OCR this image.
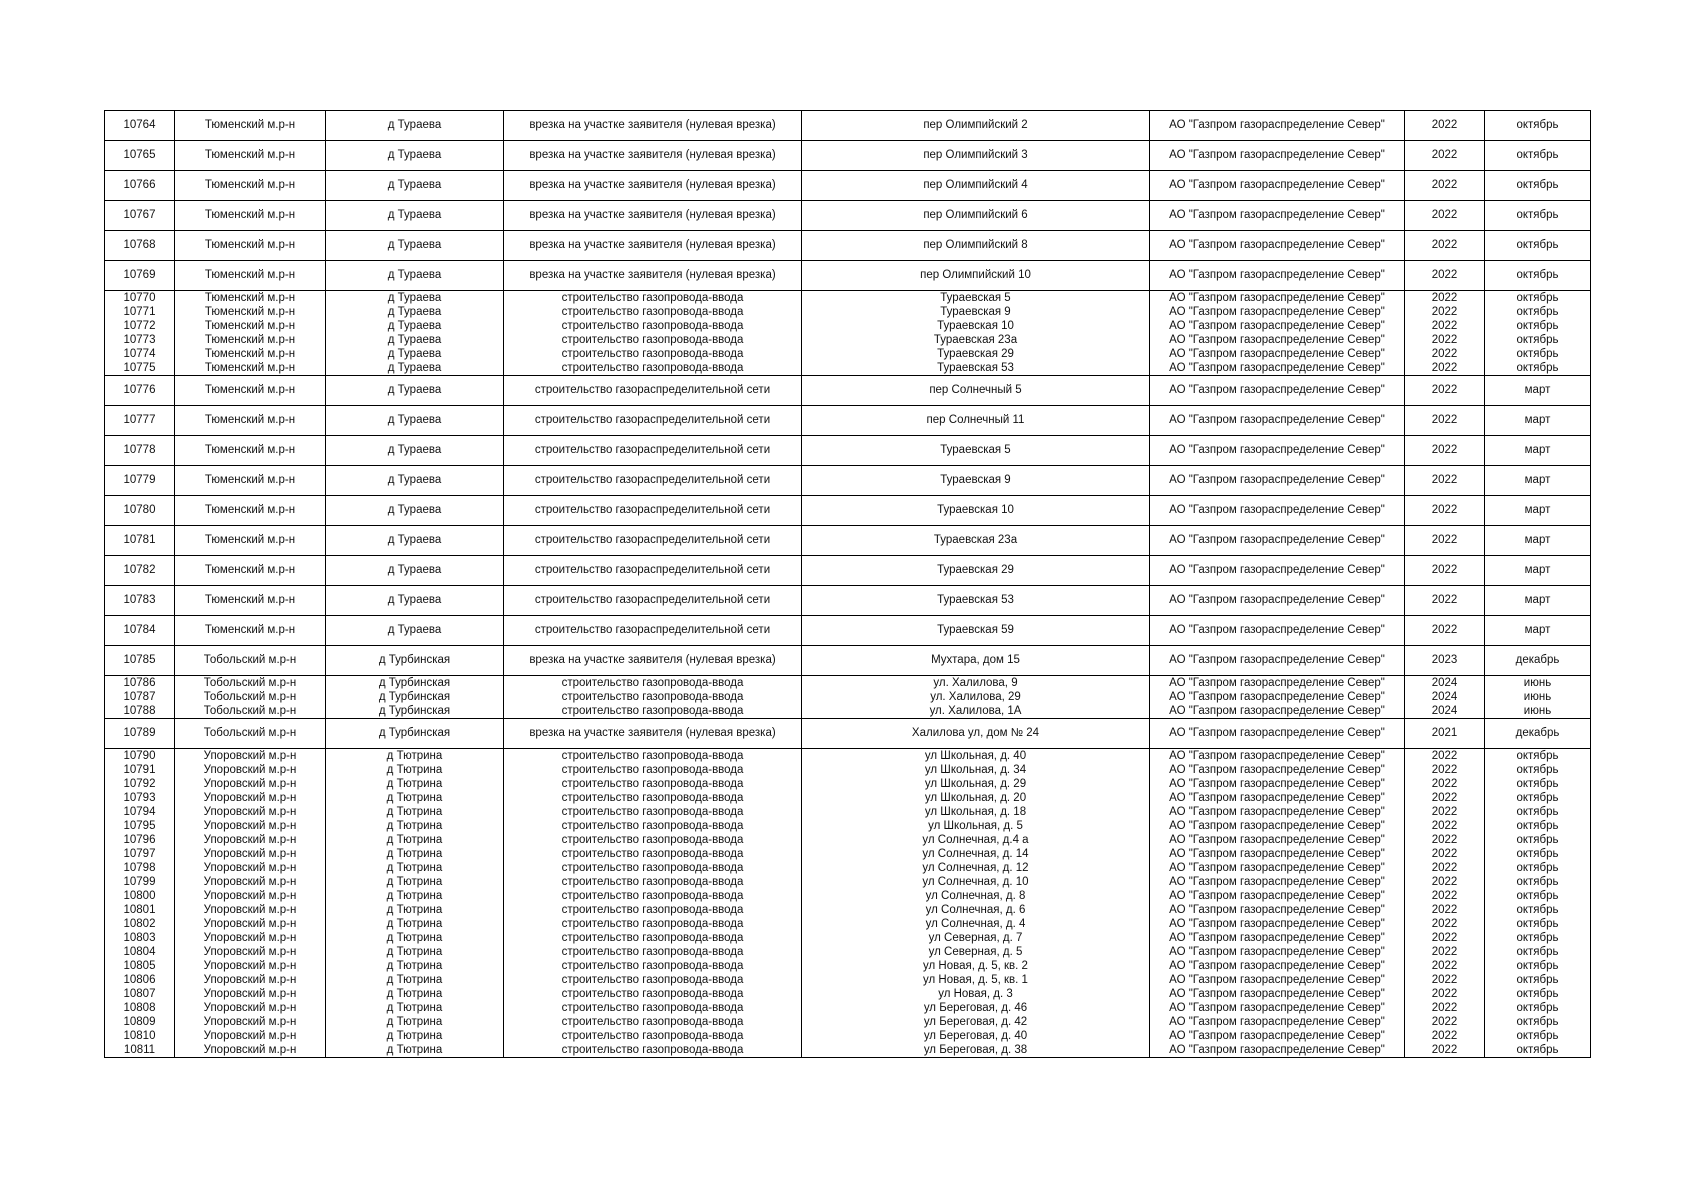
10764	Тюменский м.р-н	д Тураева	врезка на участке заявителя (нулевая врезка)	пер Олимпийский 2	АО "Газпром газораспределение Север"	2022	октябрь
10765	Тюменский м.р-н	д Тураева	врезка на участке заявителя (нулевая врезка)	пер Олимпийский 3	АО "Газпром газораспределение Север"	2022	октябрь
10766	Тюменский м.р-н	д Тураева	врезка на участке заявителя (нулевая врезка)	пер Олимпийский 4	АО "Газпром газораспределение Север"	2022	октябрь
10767	Тюменский м.р-н	д Тураева	врезка на участке заявителя (нулевая врезка)	пер Олимпийский 6	АО "Газпром газораспределение Север"	2022	октябрь
10768	Тюменский м.р-н	д Тураева	врезка на участке заявителя (нулевая врезка)	пер Олимпийский 8	АО "Газпром газораспределение Север"	2022	октябрь
10769	Тюменский м.р-н	д Тураева	врезка на участке заявителя (нулевая врезка)	пер Олимпийский 10	АО "Газпром газораспределение Север"	2022	октябрь
10770	Тюменский м.р-н	д Тураева	строительство газопровода-ввода	Тураевская 5	АО "Газпром газораспределение Север"	2022	октябрь
10771	Тюменский м.р-н	д Тураева	строительство газопровода-ввода	Тураевская 9	АО "Газпром газораспределение Север"	2022	октябрь
10772	Тюменский м.р-н	д Тураева	строительство газопровода-ввода	Тураевская 10	АО "Газпром газораспределение Север"	2022	октябрь
10773	Тюменский м.р-н	д Тураева	строительство газопровода-ввода	Тураевская 23а	АО "Газпром газораспределение Север"	2022	октябрь
10774	Тюменский м.р-н	д Тураева	строительство газопровода-ввода	Тураевская 29	АО "Газпром газораспределение Север"	2022	октябрь
10775	Тюменский м.р-н	д Тураева	строительство газопровода-ввода	Тураевская 53	АО "Газпром газораспределение Север"	2022	октябрь
10776	Тюменский м.р-н	д Тураева	строительство газораспределительной сети	пер Солнечный 5	АО "Газпром газораспределение Север"	2022	март
10777	Тюменский м.р-н	д Тураева	строительство газораспределительной сети	пер Солнечный 11	АО "Газпром газораспределение Север"	2022	март
10778	Тюменский м.р-н	д Тураева	строительство газораспределительной сети	Тураевская 5	АО "Газпром газораспределение Север"	2022	март
10779	Тюменский м.р-н	д Тураева	строительство газораспределительной сети	Тураевская 9	АО "Газпром газораспределение Север"	2022	март
10780	Тюменский м.р-н	д Тураева	строительство газораспределительной сети	Тураевская 10	АО "Газпром газораспределение Север"	2022	март
10781	Тюменский м.р-н	д Тураева	строительство газораспределительной сети	Тураевская 23а	АО "Газпром газораспределение Север"	2022	март
10782	Тюменский м.р-н	д Тураева	строительство газораспределительной сети	Тураевская 29	АО "Газпром газораспределение Север"	2022	март
10783	Тюменский м.р-н	д Тураева	строительство газораспределительной сети	Тураевская 53	АО "Газпром газораспределение Север"	2022	март
10784	Тюменский м.р-н	д Тураева	строительство газораспределительной сети	Тураевская 59	АО "Газпром газораспределение Север"	2022	март
10785	Тобольский м.р-н	д Турбинская	врезка на участке заявителя (нулевая врезка)	Мухтара, дом 15	АО "Газпром газораспределение Север"	2023	декабрь
10786	Тобольский м.р-н	д Турбинская	строительство газопровода-ввода	ул. Халилова, 9	АО "Газпром газораспределение Север"	2024	июнь
10787	Тобольский м.р-н	д Турбинская	строительство газопровода-ввода	ул. Халилова, 29	АО "Газпром газораспределение Север"	2024	июнь
10788	Тобольский м.р-н	д Турбинская	строительство газопровода-ввода	ул. Халилова, 1А	АО "Газпром газораспределение Север"	2024	июнь
10789	Тобольский м.р-н	д Турбинская	врезка на участке заявителя (нулевая врезка)	Халилова ул, дом № 24	АО "Газпром газораспределение Север"	2021	декабрь
10790	Упоровский м.р-н	д Тютрина	строительство газопровода-ввода	ул Школьная, д. 40	АО "Газпром газораспределение Север"	2022	октябрь
10791	Упоровский м.р-н	д Тютрина	строительство газопровода-ввода	ул Школьная, д. 34	АО "Газпром газораспределение Север"	2022	октябрь
10792	Упоровский м.р-н	д Тютрина	строительство газопровода-ввода	ул Школьная, д. 29	АО "Газпром газораспределение Север"	2022	октябрь
10793	Упоровский м.р-н	д Тютрина	строительство газопровода-ввода	ул Школьная, д. 20	АО "Газпром газораспределение Север"	2022	октябрь
10794	Упоровский м.р-н	д Тютрина	строительство газопровода-ввода	ул Школьная, д. 18	АО "Газпром газораспределение Север"	2022	октябрь
10795	Упоровский м.р-н	д Тютрина	строительство газопровода-ввода	ул Школьная, д. 5	АО "Газпром газораспределение Север"	2022	октябрь
10796	Упоровский м.р-н	д Тютрина	строительство газопровода-ввода	ул Солнечная, д.4 а	АО "Газпром газораспределение Север"	2022	октябрь
10797	Упоровский м.р-н	д Тютрина	строительство газопровода-ввода	ул Солнечная, д. 14	АО "Газпром газораспределение Север"	2022	октябрь
10798	Упоровский м.р-н	д Тютрина	строительство газопровода-ввода	ул Солнечная, д. 12	АО "Газпром газораспределение Север"	2022	октябрь
10799	Упоровский м.р-н	д Тютрина	строительство газопровода-ввода	ул Солнечная, д. 10	АО "Газпром газораспределение Север"	2022	октябрь
10800	Упоровский м.р-н	д Тютрина	строительство газопровода-ввода	ул Солнечная, д. 8	АО "Газпром газораспределение Север"	2022	октябрь
10801	Упоровский м.р-н	д Тютрина	строительство газопровода-ввода	ул Солнечная, д. 6	АО "Газпром газораспределение Север"	2022	октябрь
10802	Упоровский м.р-н	д Тютрина	строительство газопровода-ввода	ул Солнечная, д. 4	АО "Газпром газораспределение Север"	2022	октябрь
10803	Упоровский м.р-н	д Тютрина	строительство газопровода-ввода	ул Северная, д. 7	АО "Газпром газораспределение Север"	2022	октябрь
10804	Упоровский м.р-н	д Тютрина	строительство газопровода-ввода	ул Северная, д. 5	АО "Газпром газораспределение Север"	2022	октябрь
10805	Упоровский м.р-н	д Тютрина	строительство газопровода-ввода	ул Новая, д. 5, кв. 2	АО "Газпром газораспределение Север"	2022	октябрь
10806	Упоровский м.р-н	д Тютрина	строительство газопровода-ввода	ул Новая, д. 5, кв. 1	АО "Газпром газораспределение Север"	2022	октябрь
10807	Упоровский м.р-н	д Тютрина	строительство газопровода-ввода	ул Новая, д. 3	АО "Газпром газораспределение Север"	2022	октябрь
10808	Упоровский м.р-н	д Тютрина	строительство газопровода-ввода	ул Береговая, д. 46	АО "Газпром газораспределение Север"	2022	октябрь
10809	Упоровский м.р-н	д Тютрина	строительство газопровода-ввода	ул Береговая, д. 42	АО "Газпром газораспределение Север"	2022	октябрь
10810	Упоровский м.р-н	д Тютрина	строительство газопровода-ввода	ул Береговая, д. 40	АО "Газпром газораспределение Север"	2022	октябрь
10811	Упоровский м.р-н	д Тютрина	строительство газопровода-ввода	ул Береговая, д. 38	АО "Газпром газораспределение Север"	2022	октябрь
